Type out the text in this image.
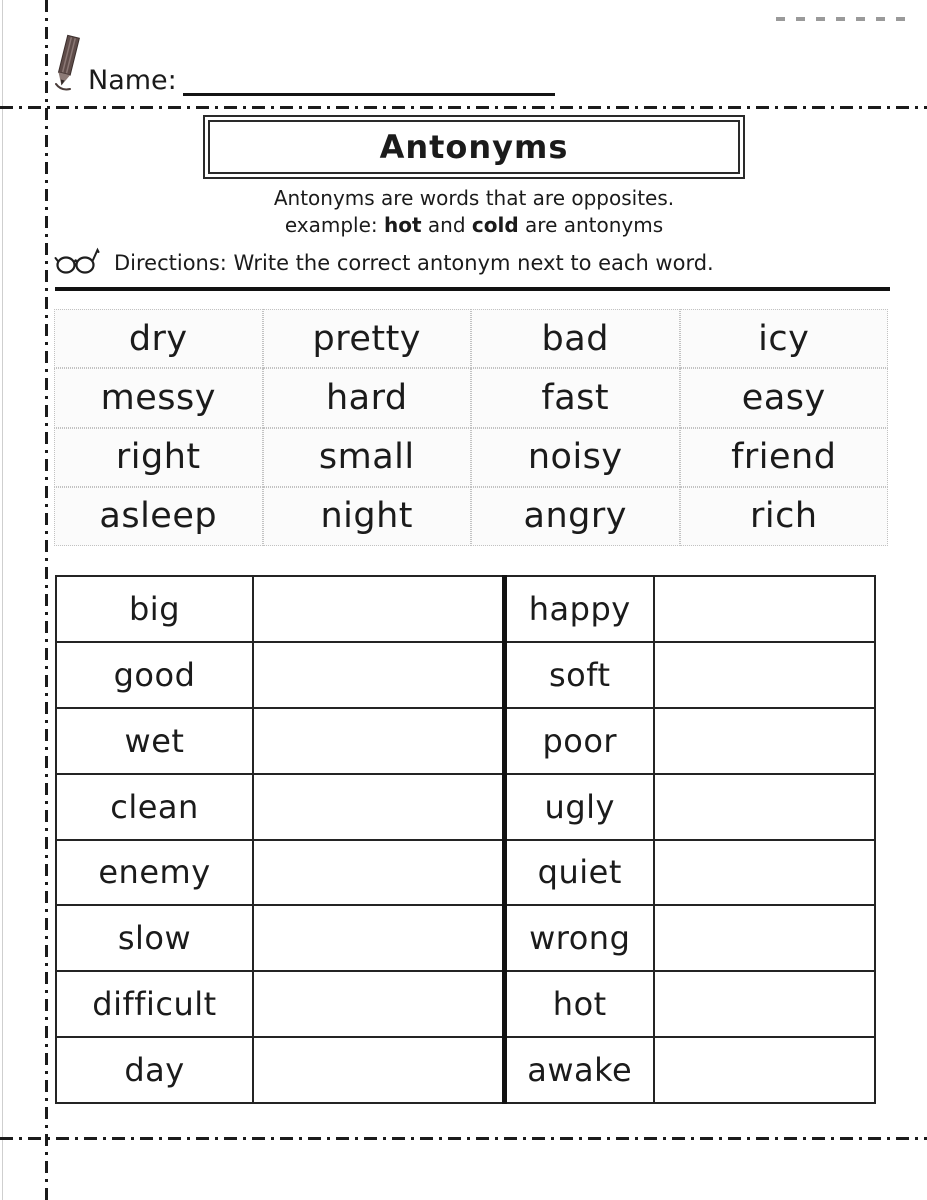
Name:
Antonyms
Antonyms are words that are opposites.
example: hot and cold are antonyms
Directions: Write the correct antonym next to each word.
dry	pretty	bad	icy
messy	hard	fast	easy
right	small	noisy	friend
asleep	night	angry	rich
big		happy	
good		soft	
wet		poor	
clean		ugly	
enemy		quiet	
slow		wrong	
difficult		hot	
day		awake	
